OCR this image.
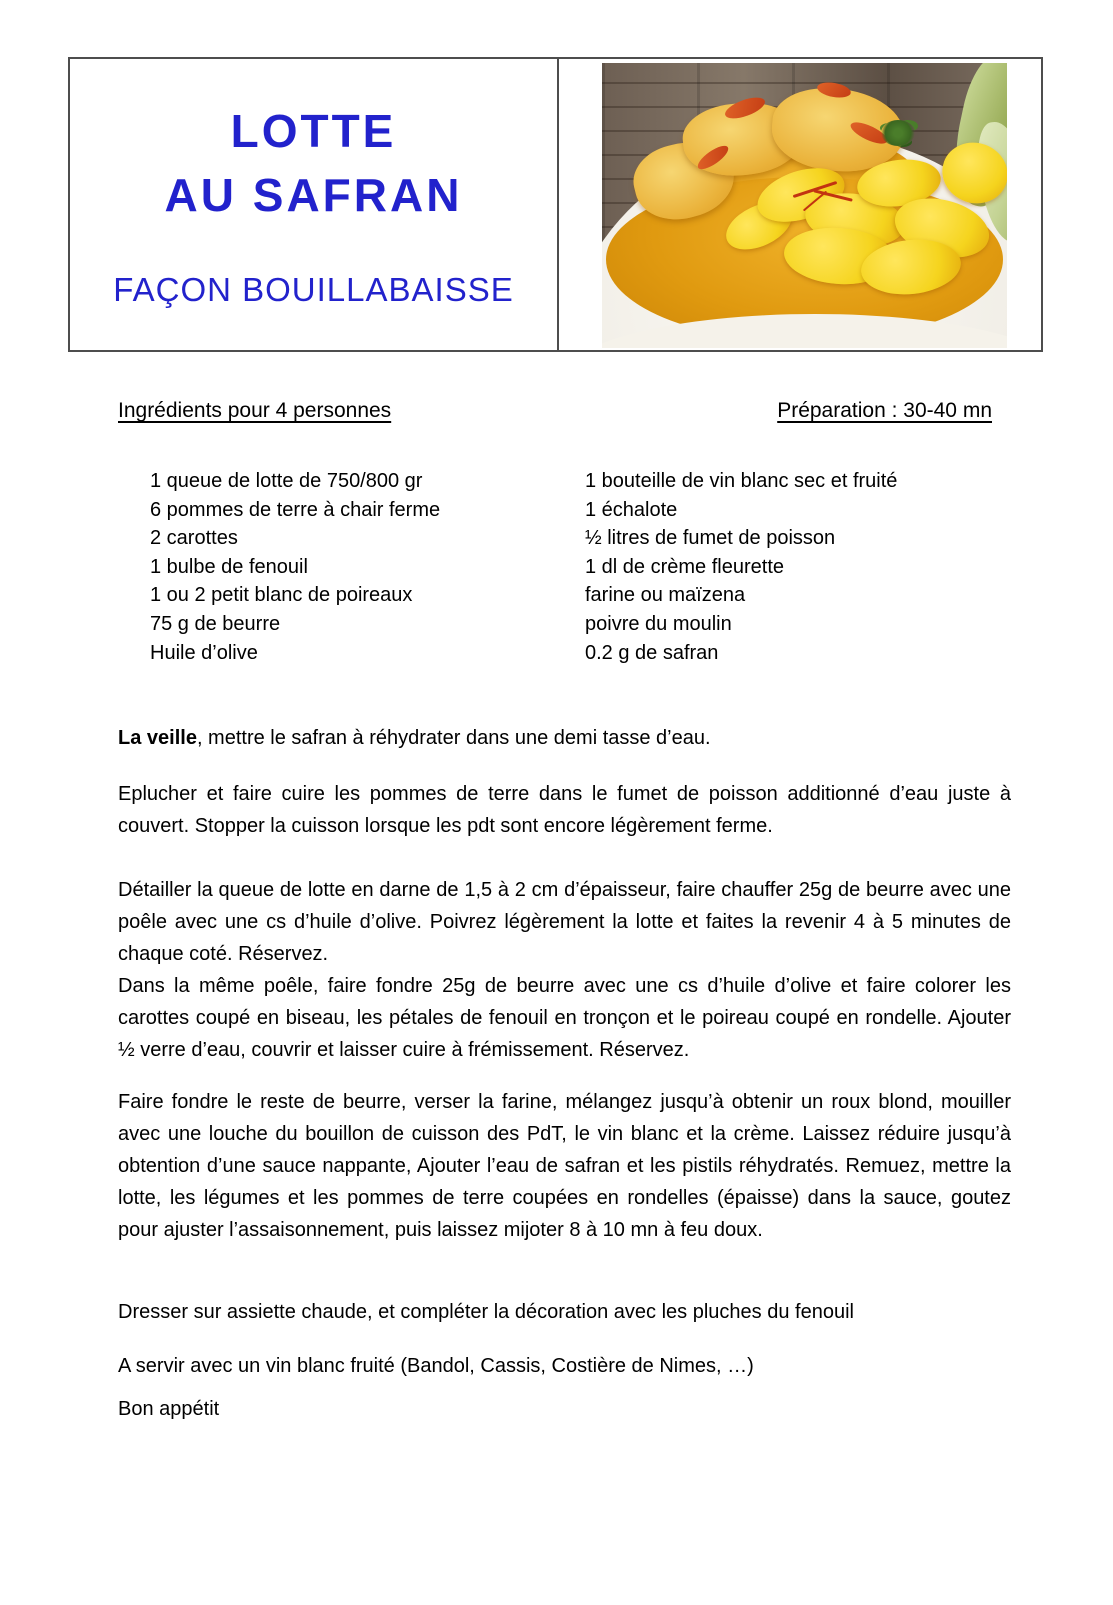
LOTTE
AU SAFRAN
FAÇON BOUILLABAISSE
Ingrédients pour 4 personnes	Préparation : 30-40 mn
1 queue de lotte de 750/800 gr
6 pommes de terre à chair ferme
2 carottes
1 bulbe de fenouil
1 ou 2 petit blanc de poireaux
75 g de beurre
Huile d’olive
1 bouteille de vin blanc sec et fruité
1 échalote
½ litres de fumet de poisson
1 dl de crème fleurette
farine ou maïzena
poivre du moulin
0.2 g de safran

La veille, mettre le safran à réhydrater dans une demi tasse d’eau.

Eplucher et faire cuire les pommes de terre dans le fumet de poisson additionné d’eau juste à couvert. Stopper la cuisson lorsque les pdt sont encore légèrement ferme.

Détailler la queue de lotte en darne de 1,5 à 2 cm d’épaisseur, faire chauffer 25g de beurre avec une poêle avec une cs d’huile d’olive. Poivrez légèrement la lotte et faites la revenir 4 à 5 minutes de chaque coté. Réservez.
Dans la même poêle, faire fondre 25g de beurre avec une cs d’huile d’olive et faire colorer les carottes coupé en biseau, les pétales de fenouil en tronçon et le poireau coupé en rondelle. Ajouter ½ verre d’eau, couvrir et laisser cuire à frémissement. Réservez.

Faire fondre le reste de beurre, verser la farine, mélangez jusqu’à obtenir un roux blond, mouiller avec une louche du bouillon de cuisson des PdT, le vin blanc et la crème. Laissez réduire jusqu’à obtention d’une sauce nappante, Ajouter l’eau de safran et les pistils réhydratés. Remuez, mettre la lotte, les légumes et les pommes de terre coupées en rondelles (épaisse) dans la sauce, goutez pour ajuster l’assaisonnement, puis laissez mijoter 8 à 10 mn à feu doux.

Dresser sur assiette chaude, et compléter la décoration avec les pluches du fenouil

A servir avec un vin blanc fruité (Bandol, Cassis, Costière de Nimes, …)

Bon appétit
